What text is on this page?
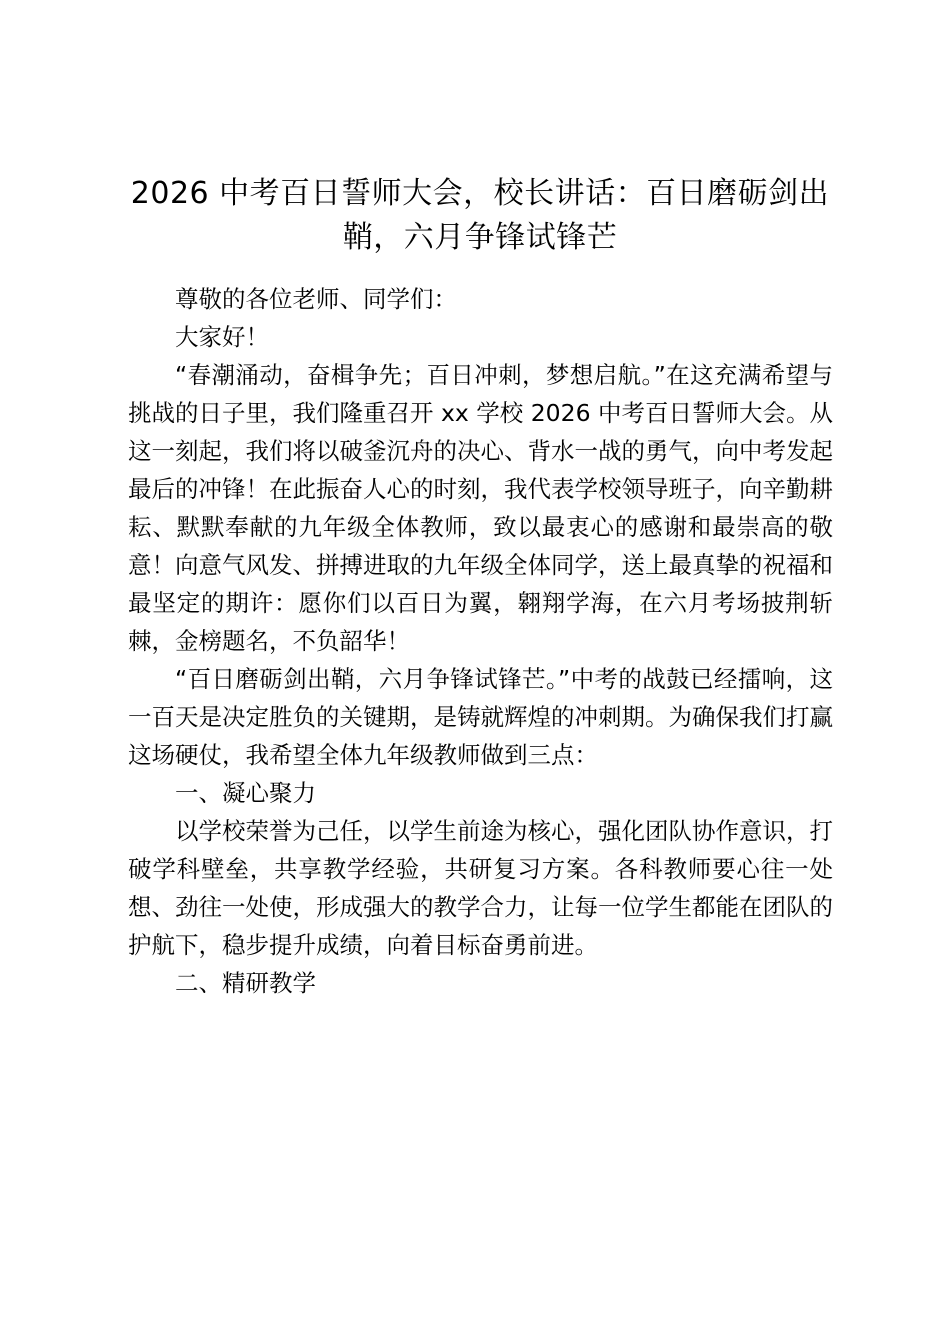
2026 中考百日誓师大会，校长讲话：百日磨砺剑出鞘，六月争锋试锋芒

尊敬的各位老师、同学们：

大家好！

“春潮涌动，奋楫争先；百日冲刺，梦想启航。”在这充满希望与挑战的日子里，我们隆重召开 xx 学校 2026 中考百日誓师大会。从这一刻起，我们将以破釜沉舟的决心、背水一战的勇气，向中考发起最后的冲锋！在此振奋人心的时刻，我代表学校领导班子，向辛勤耕耘、默默奉献的九年级全体教师，致以最衷心的感谢和最崇高的敬意！向意气风发、拼搏进取的九年级全体同学，送上最真挚的祝福和最坚定的期许：愿你们以百日为翼，翱翔学海，在六月考场披荆斩棘，金榜题名，不负韶华！

“百日磨砺剑出鞘，六月争锋试锋芒。”中考的战鼓已经擂响，这一百天是决定胜负的关键期，是铸就辉煌的冲刺期。为确保我们打赢这场硬仗，我希望全体九年级教师做到三点：

一、凝心聚力

以学校荣誉为己任，以学生前途为核心，强化团队协作意识，打破学科壁垒，共享教学经验，共研复习方案。各科教师要心往一处想、劲往一处使，形成强大的教学合力，让每一位学生都能在团队的护航下，稳步提升成绩，向着目标奋勇前进。

二、精研教学
